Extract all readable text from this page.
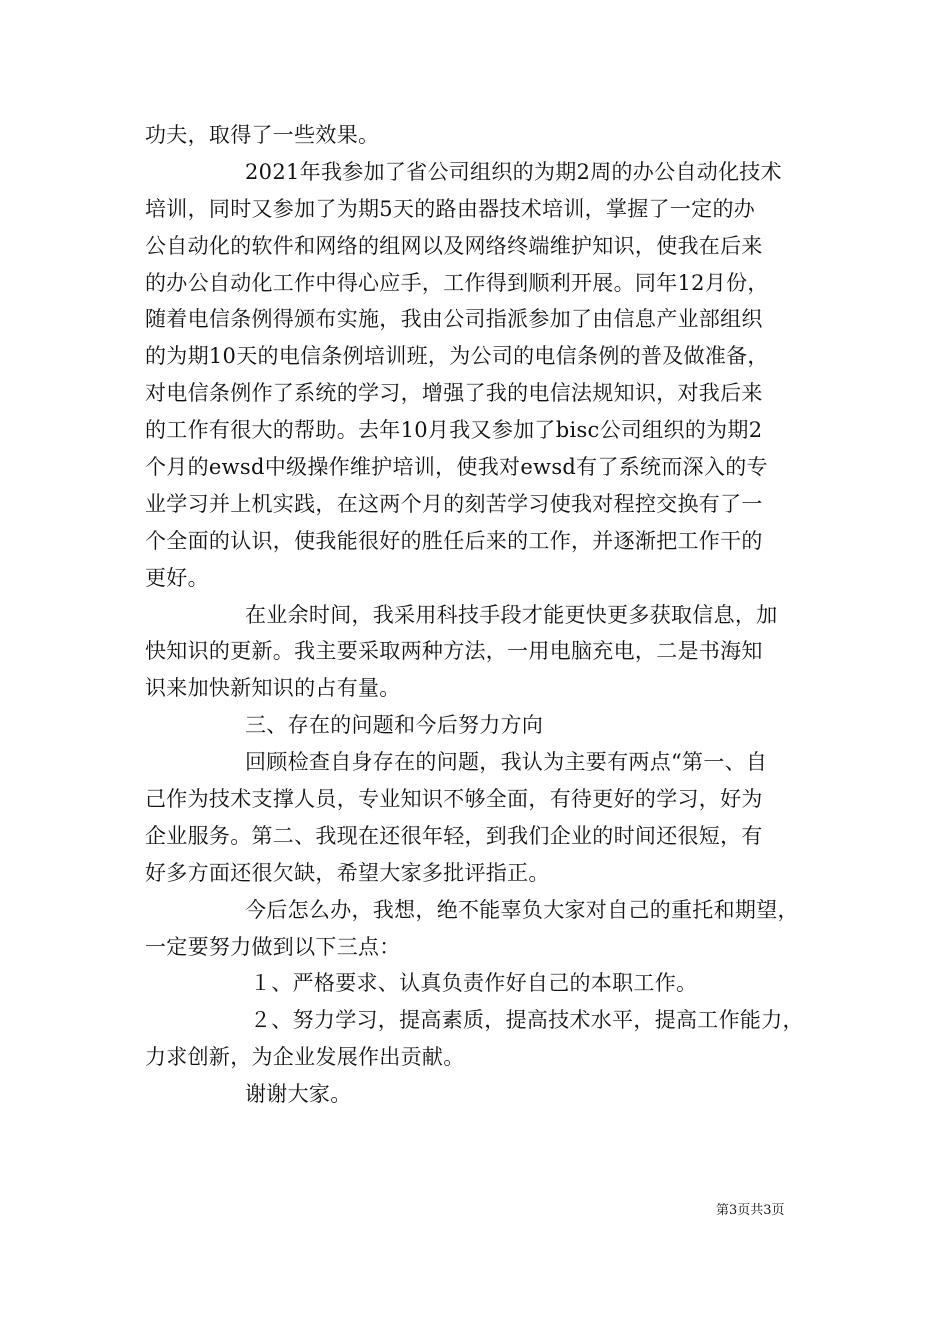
功夫，取得了一些效果。
2021年我参加了省公司组织的为期2周的办公自动化技术
培训，同时又参加了为期5天的路由器技术培训，掌握了一定的办
公自动化的软件和网络的组网以及网络终端维护知识，使我在后来
的办公自动化工作中得心应手，工作得到顺利开展。同年12月份，
随着电信条例得颁布实施，我由公司指派参加了由信息产业部组织
的为期10天的电信条例培训班，为公司的电信条例的普及做准备，
对电信条例作了系统的学习，增强了我的电信法规知识，对我后来
的工作有很大的帮助。去年10月我又参加了bisc公司组织的为期2
个月的ewsd中级操作维护培训，使我对ewsd有了系统而深入的专
业学习并上机实践，在这两个月的刻苦学习使我对程控交换有了一
个全面的认识，使我能很好的胜任后来的工作，并逐渐把工作干的
更好。
在业余时间，我采用科技手段才能更快更多获取信息，加
快知识的更新。我主要采取两种方法，一用电脑充电，二是书海知
识来加快新知识的占有量。
三、存在的问题和今后努力方向
回顾检查自身存在的问题，我认为主要有两点“第一、自
己作为技术支撑人员，专业知识不够全面，有待更好的学习，好为
企业服务。第二、我现在还很年轻，到我们企业的时间还很短，有
好多方面还很欠缺，希望大家多批评指正。
今后怎么办，我想，绝不能辜负大家对自己的重托和期望，
一定要努力做到以下三点：
１、严格要求、认真负责作好自己的本职工作。
２、努力学习，提高素质，提高技术水平，提高工作能力，
力求创新，为企业发展作出贡献。
谢谢大家。
第3页共3页
